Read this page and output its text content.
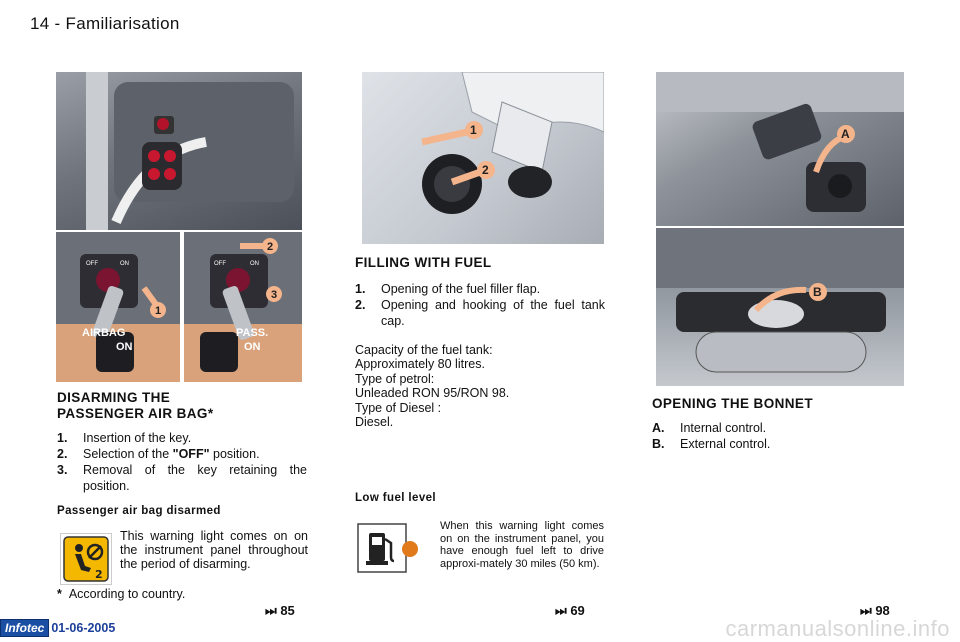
14 - Familiarisation
1
OFF	ON
AIRBAG
ON
2
3
OFF	ON
PASS.
ON
DISARMING THE
PASSENGER AIR BAG*
1.	Insertion of the key.
2.	Selection of the "OFF" position.
3.	Removal of the key retaining the position.
Passenger air bag disarmed
2
This warning light comes on on the instrument panel throughout the period of disarming.
* According to country.
⏭ 85
1
2
FILLING WITH FUEL
1.	Opening of the fuel filler flap.
2.	Opening and hooking of the fuel tank cap.
Capacity of the fuel tank:
Approximately 80 litres.
Type of petrol:
Unleaded RON 95/RON 98.
Type of Diesel :
Diesel.
Low fuel level
When this warning light comes on on the instrument panel, you have enough fuel left to drive approxi-mately 30 miles (50 km).
⏭ 69
A
B
OPENING THE BONNET
A.	Internal control.
B.	External control.
⏭ 98
Infotec 01-06-2005	carmanualsonline.info
